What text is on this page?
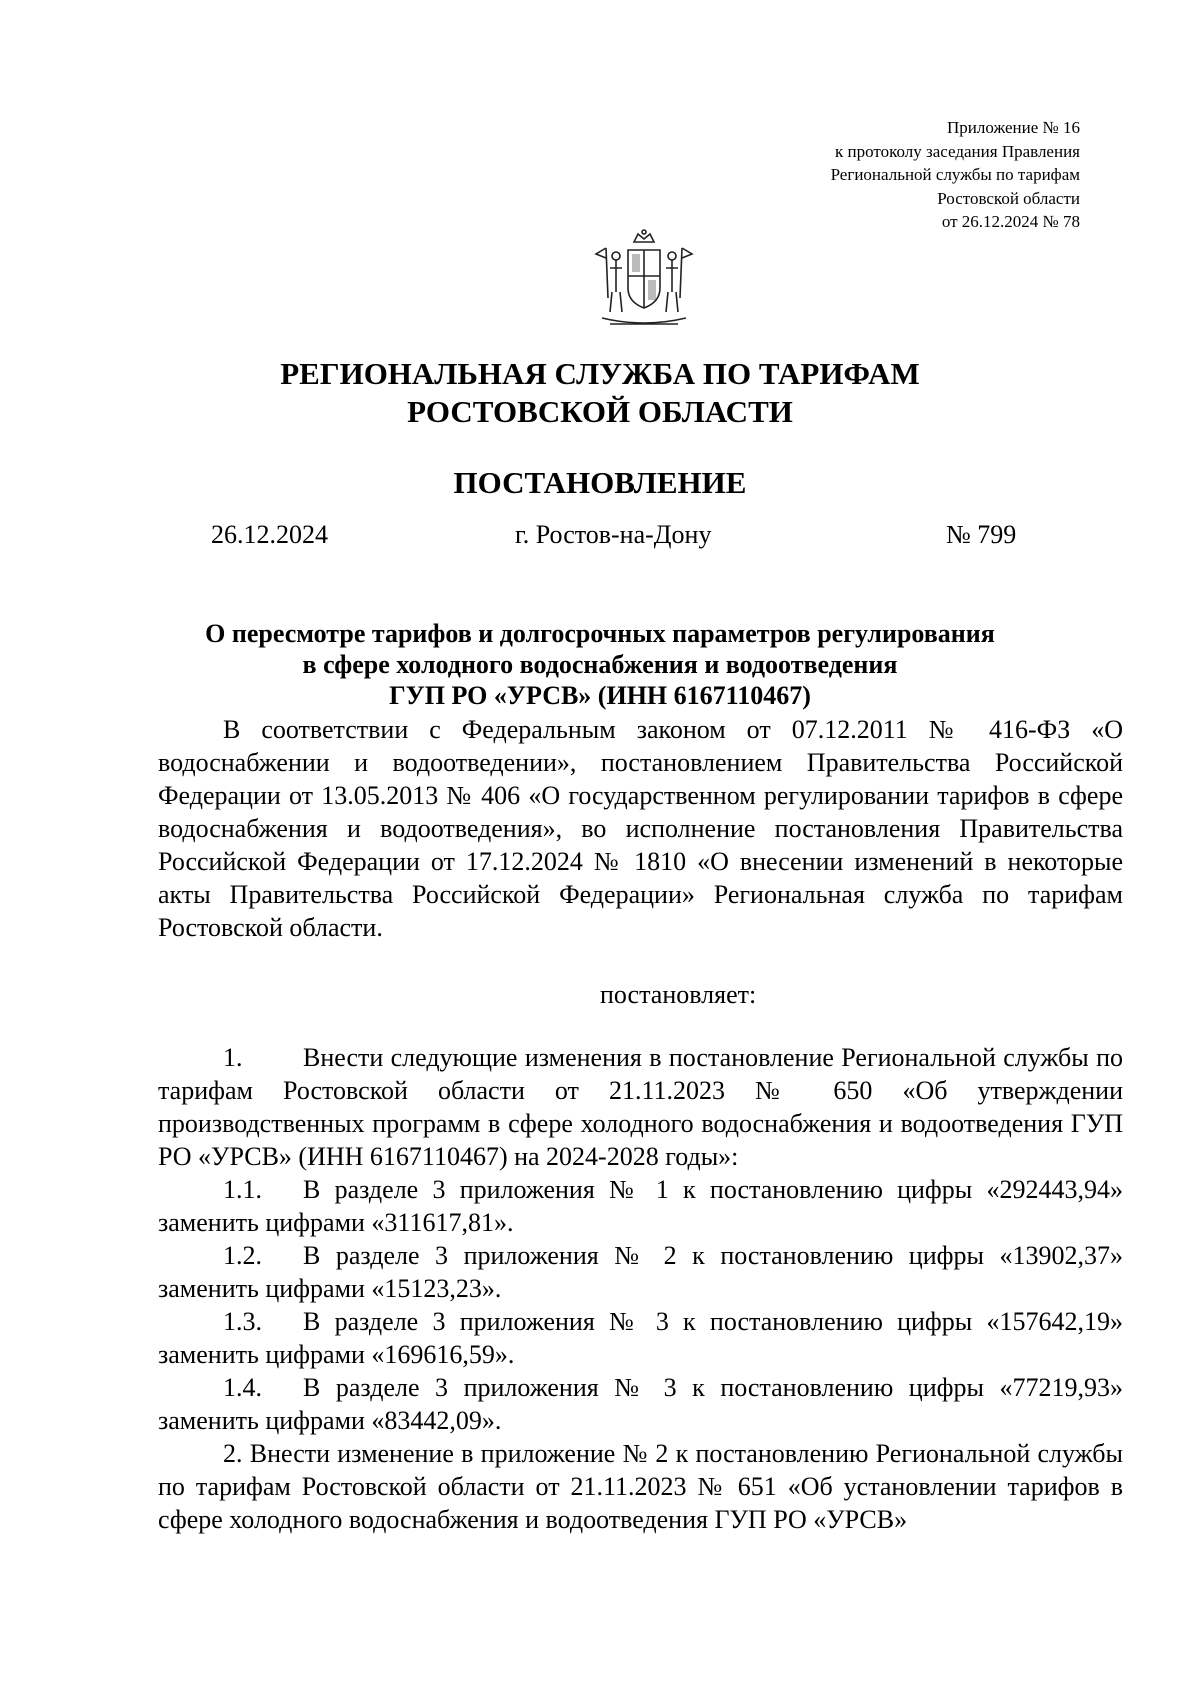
Приложение № 16
к протоколу заседания Правления
Региональной службы по тарифам
Ростовской области
от 26.12.2024 № 78
РЕГИОНАЛЬНАЯ СЛУЖБА ПО ТАРИФАМ
РОСТОВСКОЙ ОБЛАСТИ
ПОСТАНОВЛЕНИЕ
26.12.2024	г. Ростов-на-Дону	№ 799
О пересмотре тарифов и долгосрочных параметров регулирования
в сфере холодного водоснабжения и водоотведения
ГУП РО «УРСВ» (ИНН 6167110467)

В соответствии с Федеральным законом от 07.12.2011 № 416-ФЗ «О водоснабжении и водоотведении», постановлением Правительства Российской Федерации от 13.05.2013 № 406 «О государственном регулировании тарифов в сфере водоснабжения и водоотведения», во исполнение постановления Правительства Российской Федерации от 17.12.2024 № 1810 «О внесении изменений в некоторые акты Правительства Российской Федерации» Региональная служба по тарифам Ростовской области.

постановляет:

1. Внести следующие изменения в постановление Региональной службы по тарифам Ростовской области от 21.11.2023 № 650 «Об утверждении производственных программ в сфере холодного водоснабжения и водоотведения ГУП РО «УРСВ» (ИНН 6167110467) на 2024-2028 годы»:

1.1. В разделе 3 приложения № 1 к постановлению цифры «292443,94» заменить цифрами «311617,81».

1.2. В разделе 3 приложения № 2 к постановлению цифры «13902,37» заменить цифрами «15123,23».

1.3. В разделе 3 приложения № 3 к постановлению цифры «157642,19» заменить цифрами «169616,59».

1.4. В разделе 3 приложения № 3 к постановлению цифры «77219,93» заменить цифрами «83442,09».

2. Внести изменение в приложение № 2 к постановлению Региональной службы по тарифам Ростовской области от 21.11.2023 № 651 «Об установлении тарифов в сфере холодного водоснабжения и водоотведения ГУП РО «УРСВ»
